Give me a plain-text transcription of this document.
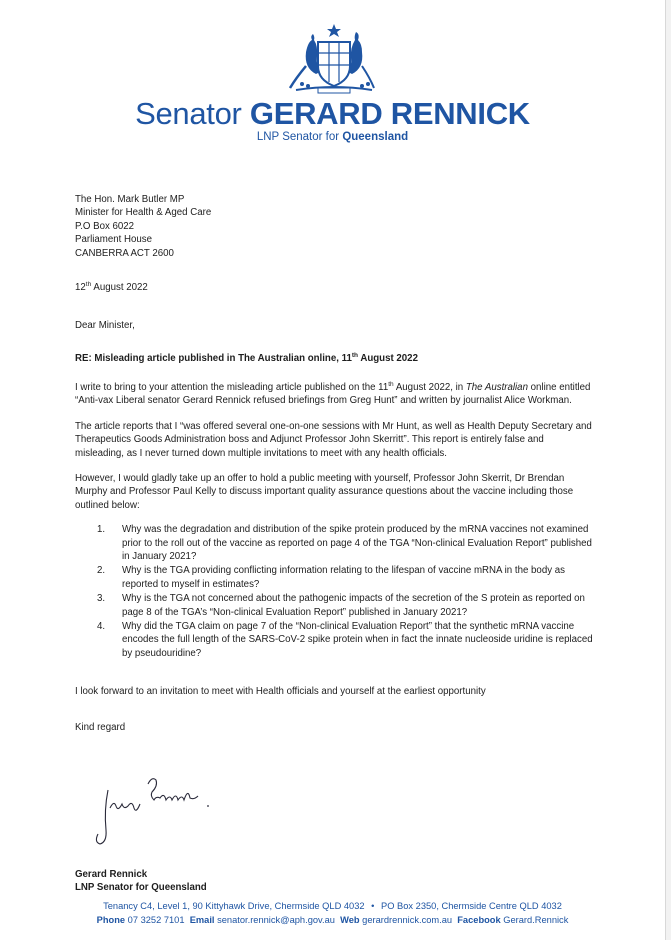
Senator GERARD RENNICK
LNP Senator for Queensland

The Hon. Mark Butler MP

Minister for Health & Aged Care

P.O Box 6022

Parliament House

CANBERRA ACT 2600

12th August 2022
Dear Minister,
RE: Misleading article published in The Australian online, 11th August 2022

I write to bring to your attention the misleading article published on the 11th August 2022, in The Australian online entitled “Anti-vax Liberal senator Gerard Rennick refused briefings from Greg Hunt” and written by journalist Alice Workman.

The article reports that I “was offered several one-on-one sessions with Mr Hunt, as well as Health Deputy Secretary and Therapeutics Goods Administration boss and Adjunct Professor John Skerritt”. This report is entirely false and misleading, as I never turned down multiple invitations to meet with any health officials.

However, I would gladly take up an offer to hold a public meeting with yourself, Professor John Skerrit, Dr Brendan Murphy and Professor Paul Kelly to discuss important quality assurance questions about the vaccine including those outlined below:

1. Why was the degradation and distribution of the spike protein produced by the mRNA vaccines not examined prior to the roll out of the vaccine as reported on page 4 of the TGA “Non-clinical Evaluation Report” published in January 2021?
2. Why is the TGA providing conflicting information relating to the lifespan of vaccine mRNA in the body as reported to myself in estimates?
3. Why is the TGA not concerned about the pathogenic impacts of the secretion of the S protein as reported on page 8 of the TGA’s “Non-clinical Evaluation Report” published in January 2021?
4. Why did the TGA claim on page 7 of the “Non-clinical Evaluation Report” that the synthetic mRNA vaccine encodes the full length of the SARS-CoV-2 spike protein when in fact the innate nucleoside uridine is replaced by pseudouridine?

I look forward to an invitation to meet with Health officials and yourself at the earliest opportunity

Kind regard

Gerard Rennick
LNP Senator for Queensland
Tenancy C4, Level 1, 90 Kittyhawk Drive, Chermside QLD 4032 • PO Box 2350, Chermside Centre QLD 4032
Phone 07 3252 7101 Email senator.rennick@aph.gov.au Web gerardrennick.com.au Facebook Gerard.Rennick
